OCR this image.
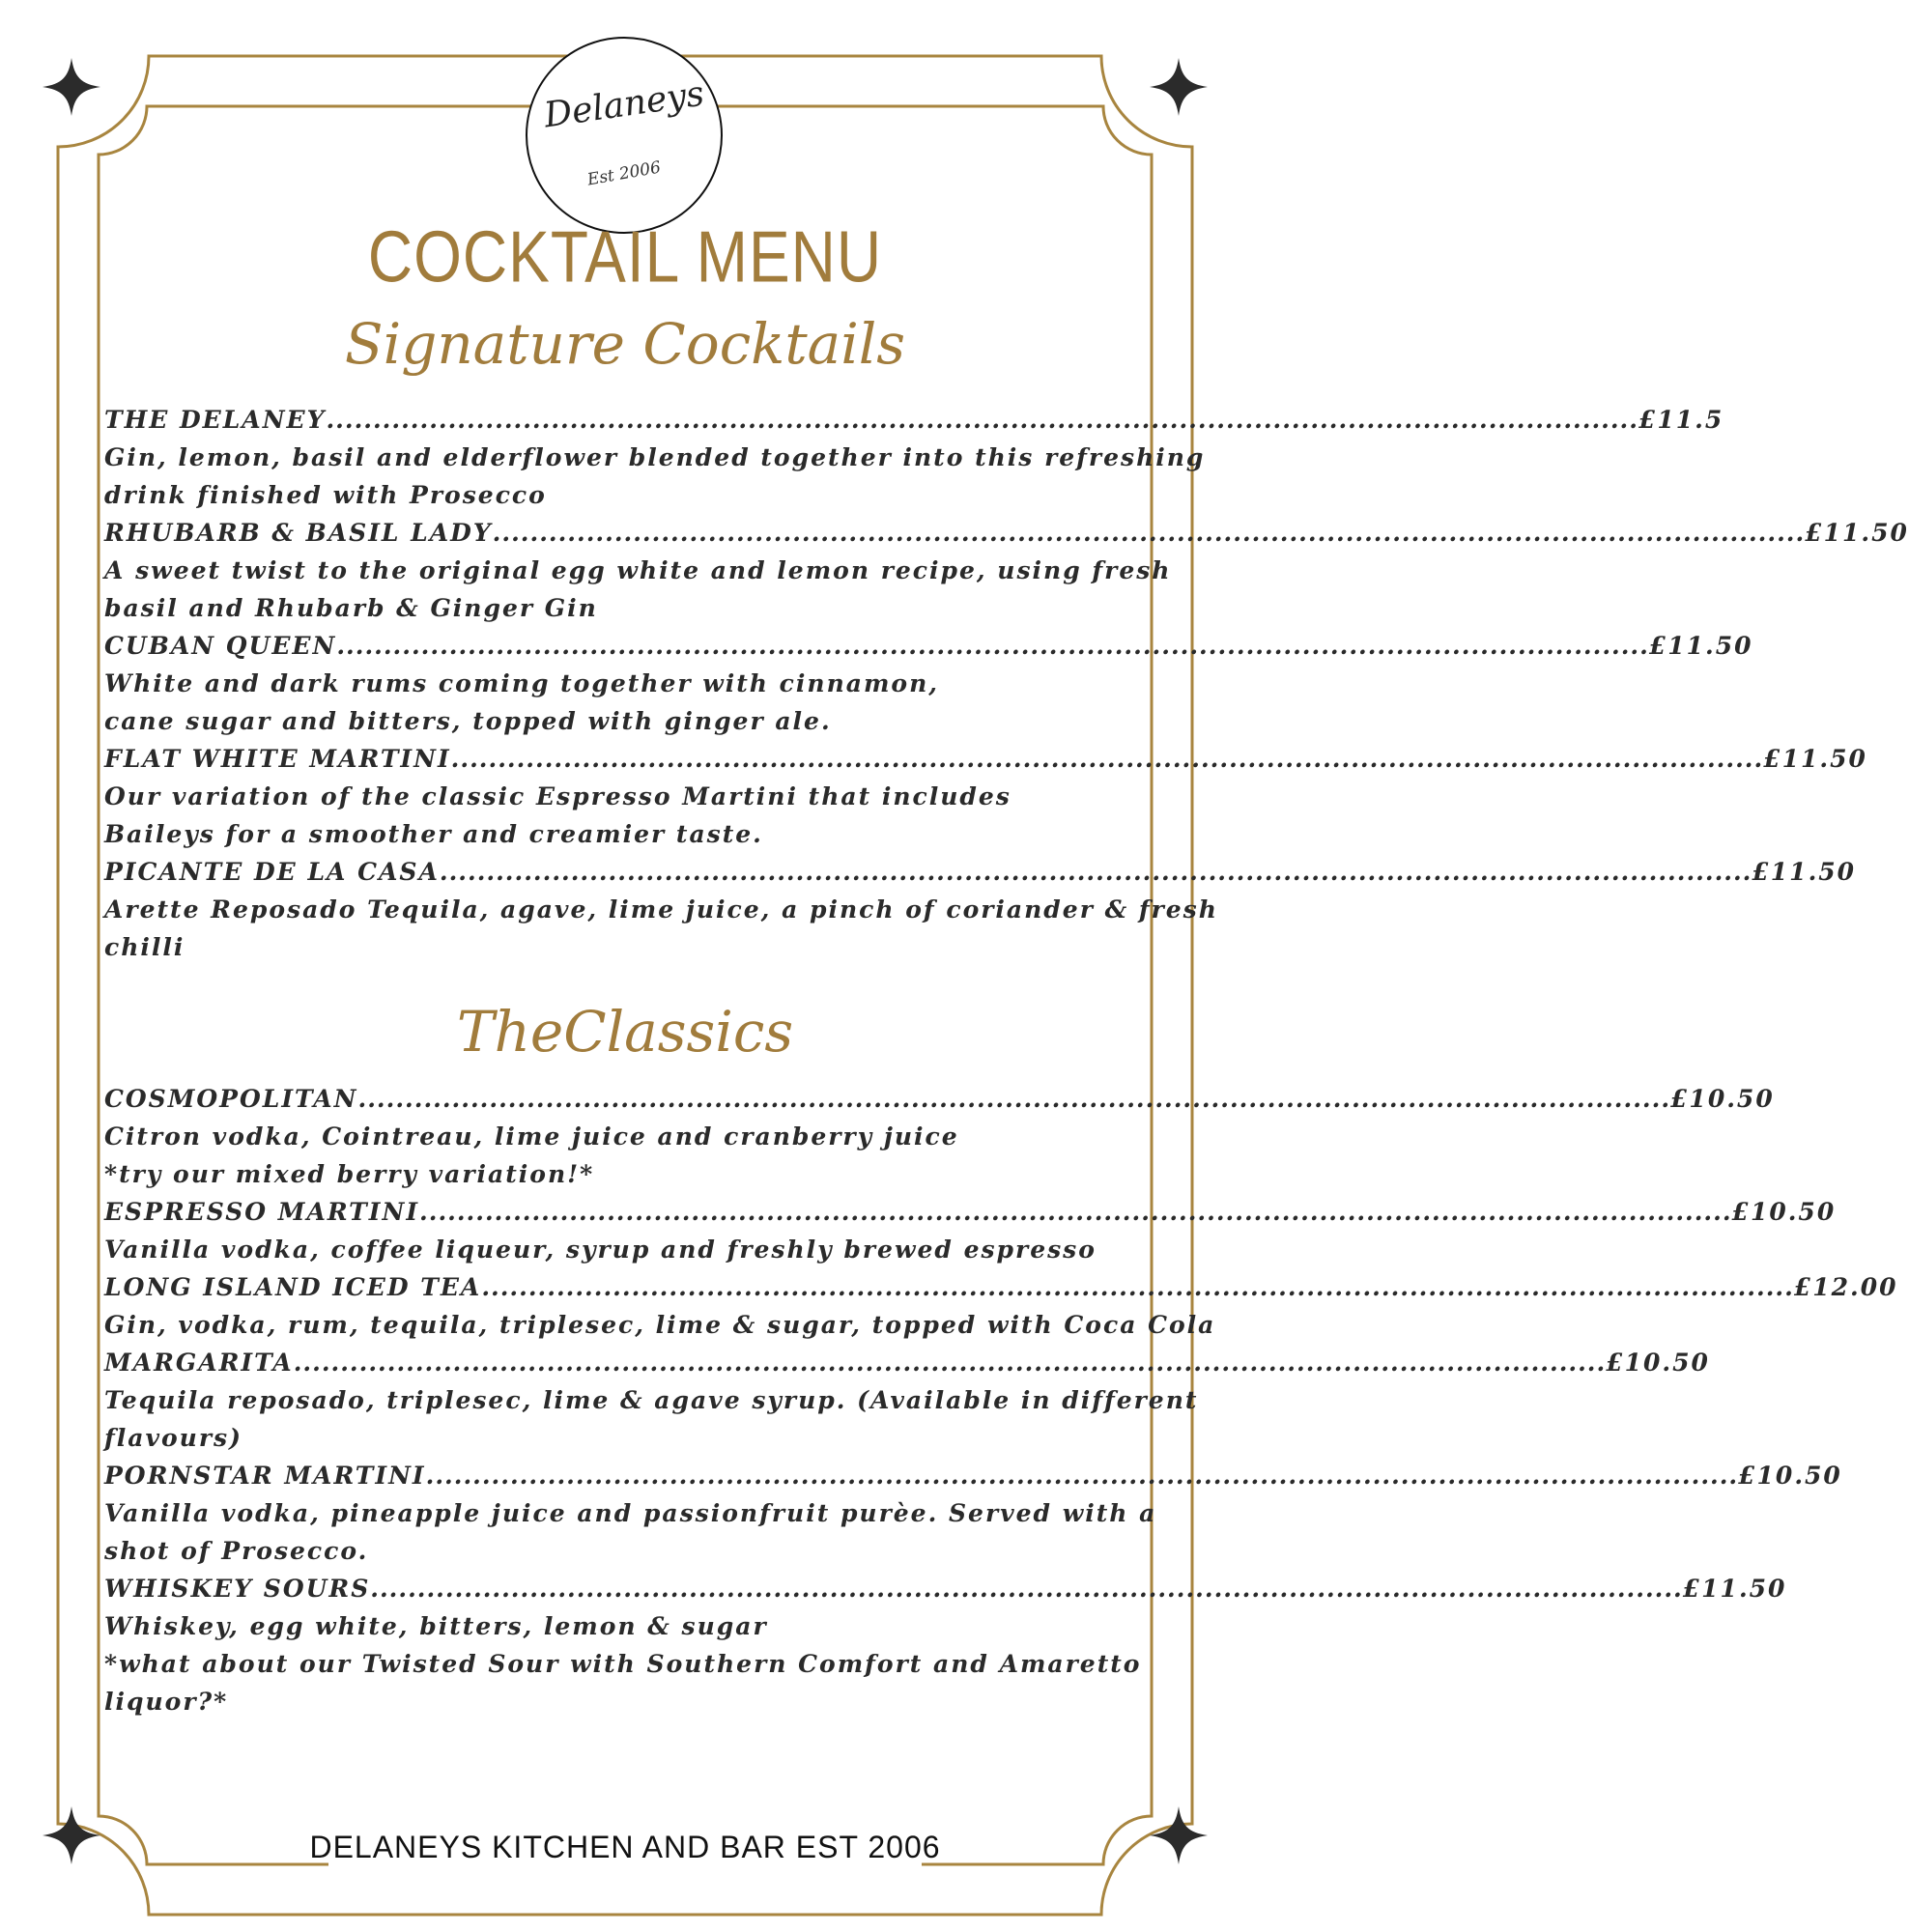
Delaneys
Est 2006
COCKTAIL MENU
Signature Cocktails
THE DELANEY ............................................................................................................................................ £11.5
Gin, lemon, basil and elderflower blended together into this refreshing
drink finished with Prosecco
RHUBARB & BASIL LADY ............................................................................................................................................ £11.50
A sweet twist to the original egg white and lemon recipe, using fresh
basil and Rhubarb & Ginger Gin
CUBAN QUEEN ............................................................................................................................................ £11.50
White and dark rums coming together with cinnamon,
cane sugar and bitters, topped with ginger ale.
FLAT WHITE MARTINI ............................................................................................................................................ £11.50
Our variation of the classic Espresso Martini that includes
Baileys for a smoother and creamier taste.
PICANTE DE LA CASA ............................................................................................................................................ £11.50
Arette Reposado Tequila, agave, lime juice, a pinch of coriander & fresh
chilli
TheClassics
COSMOPOLITAN ............................................................................................................................................ £10.50
Citron vodka, Cointreau, lime juice and cranberry juice
*try our mixed berry variation!*
ESPRESSO MARTINI ............................................................................................................................................ £10.50
Vanilla vodka, coffee liqueur, syrup and freshly brewed espresso
LONG ISLAND ICED TEA ............................................................................................................................................ £12.00
Gin, vodka, rum, tequila, triplesec, lime & sugar, topped with Coca Cola
MARGARITA ............................................................................................................................................ £10.50
Tequila reposado, triplesec, lime & agave syrup. (Available in different
flavours)
PORNSTAR MARTINI ............................................................................................................................................ £10.50
Vanilla vodka, pineapple juice and passionfruit purèe. Served with a
shot of Prosecco.
WHISKEY SOURS ............................................................................................................................................ £11.50
Whiskey, egg white, bitters, lemon & sugar
*what about our Twisted Sour with Southern Comfort and Amaretto
liquor?*
DELANEYS KITCHEN AND BAR EST 2006
